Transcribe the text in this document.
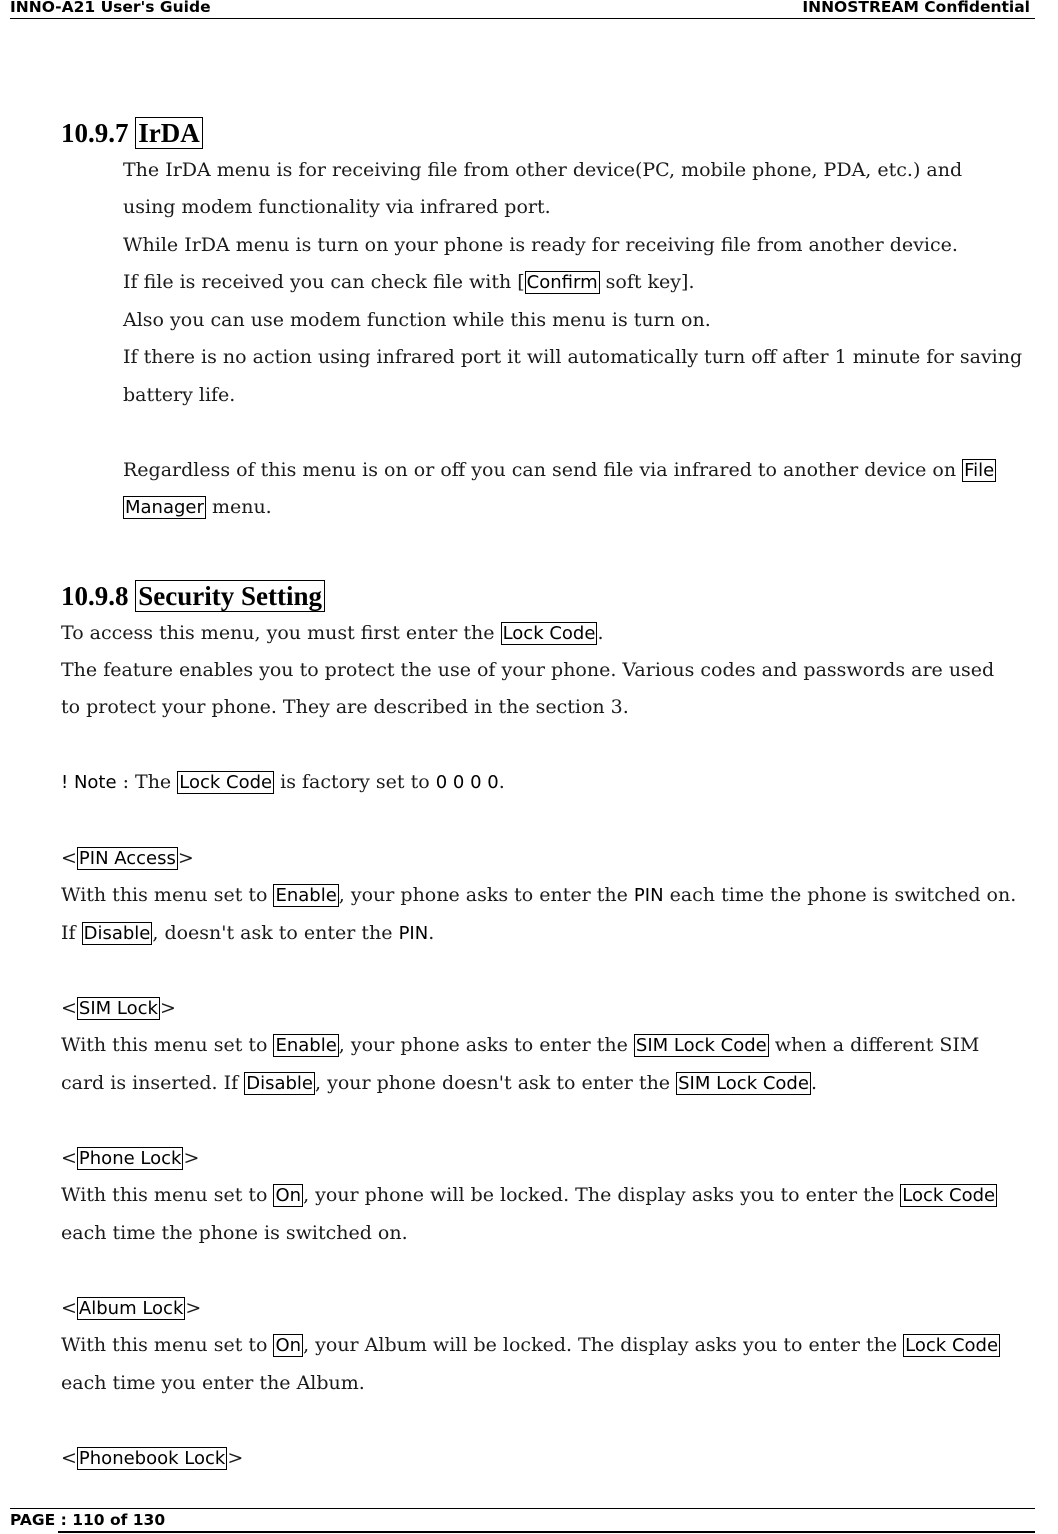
INNO-A21 User's Guide	INNOSTREAM Confidential
10.9.7 IrDA
The IrDA menu is for receiving file from other device(PC, mobile phone, PDA, etc.) and
using modem functionality via infrared port.
While IrDA menu is turn on your phone is ready for receiving file from another device.
If file is received you can check file with [ Confirm soft key].
Also you can use modem function while this menu is turn on.
If there is no action using infrared port it will automatically turn off after 1 minute for saving
battery life.
Regardless of this menu is on or off you can send file via infrared to another device on File
Manager menu.
10.9.8 Security Setting
To access this menu, you must first enter the Lock Code .
The feature enables you to protect the use of your phone. Various codes and passwords are used
to protect your phone. They are described in the section 3.
! Note : The Lock Code is factory set to 0 0 0 0.
< PIN Access >
With this menu set to Enable , your phone asks to enter the PIN each time the phone is switched on.
If Disable , doesn't ask to enter the PIN.
< SIM Lock >
With this menu set to Enable , your phone asks to enter the SIM Lock Code when a different SIM
card is inserted. If Disable , your phone doesn't ask to enter the SIM Lock Code .
< Phone Lock >
With this menu set to On , your phone will be locked. The display asks you to enter the Lock Code
each time the phone is switched on.
< Album Lock >
With this menu set to On , your Album will be locked. The display asks you to enter the Lock Code
each time you enter the Album.
< Phonebook Lock >
PAGE : 110 of 130
